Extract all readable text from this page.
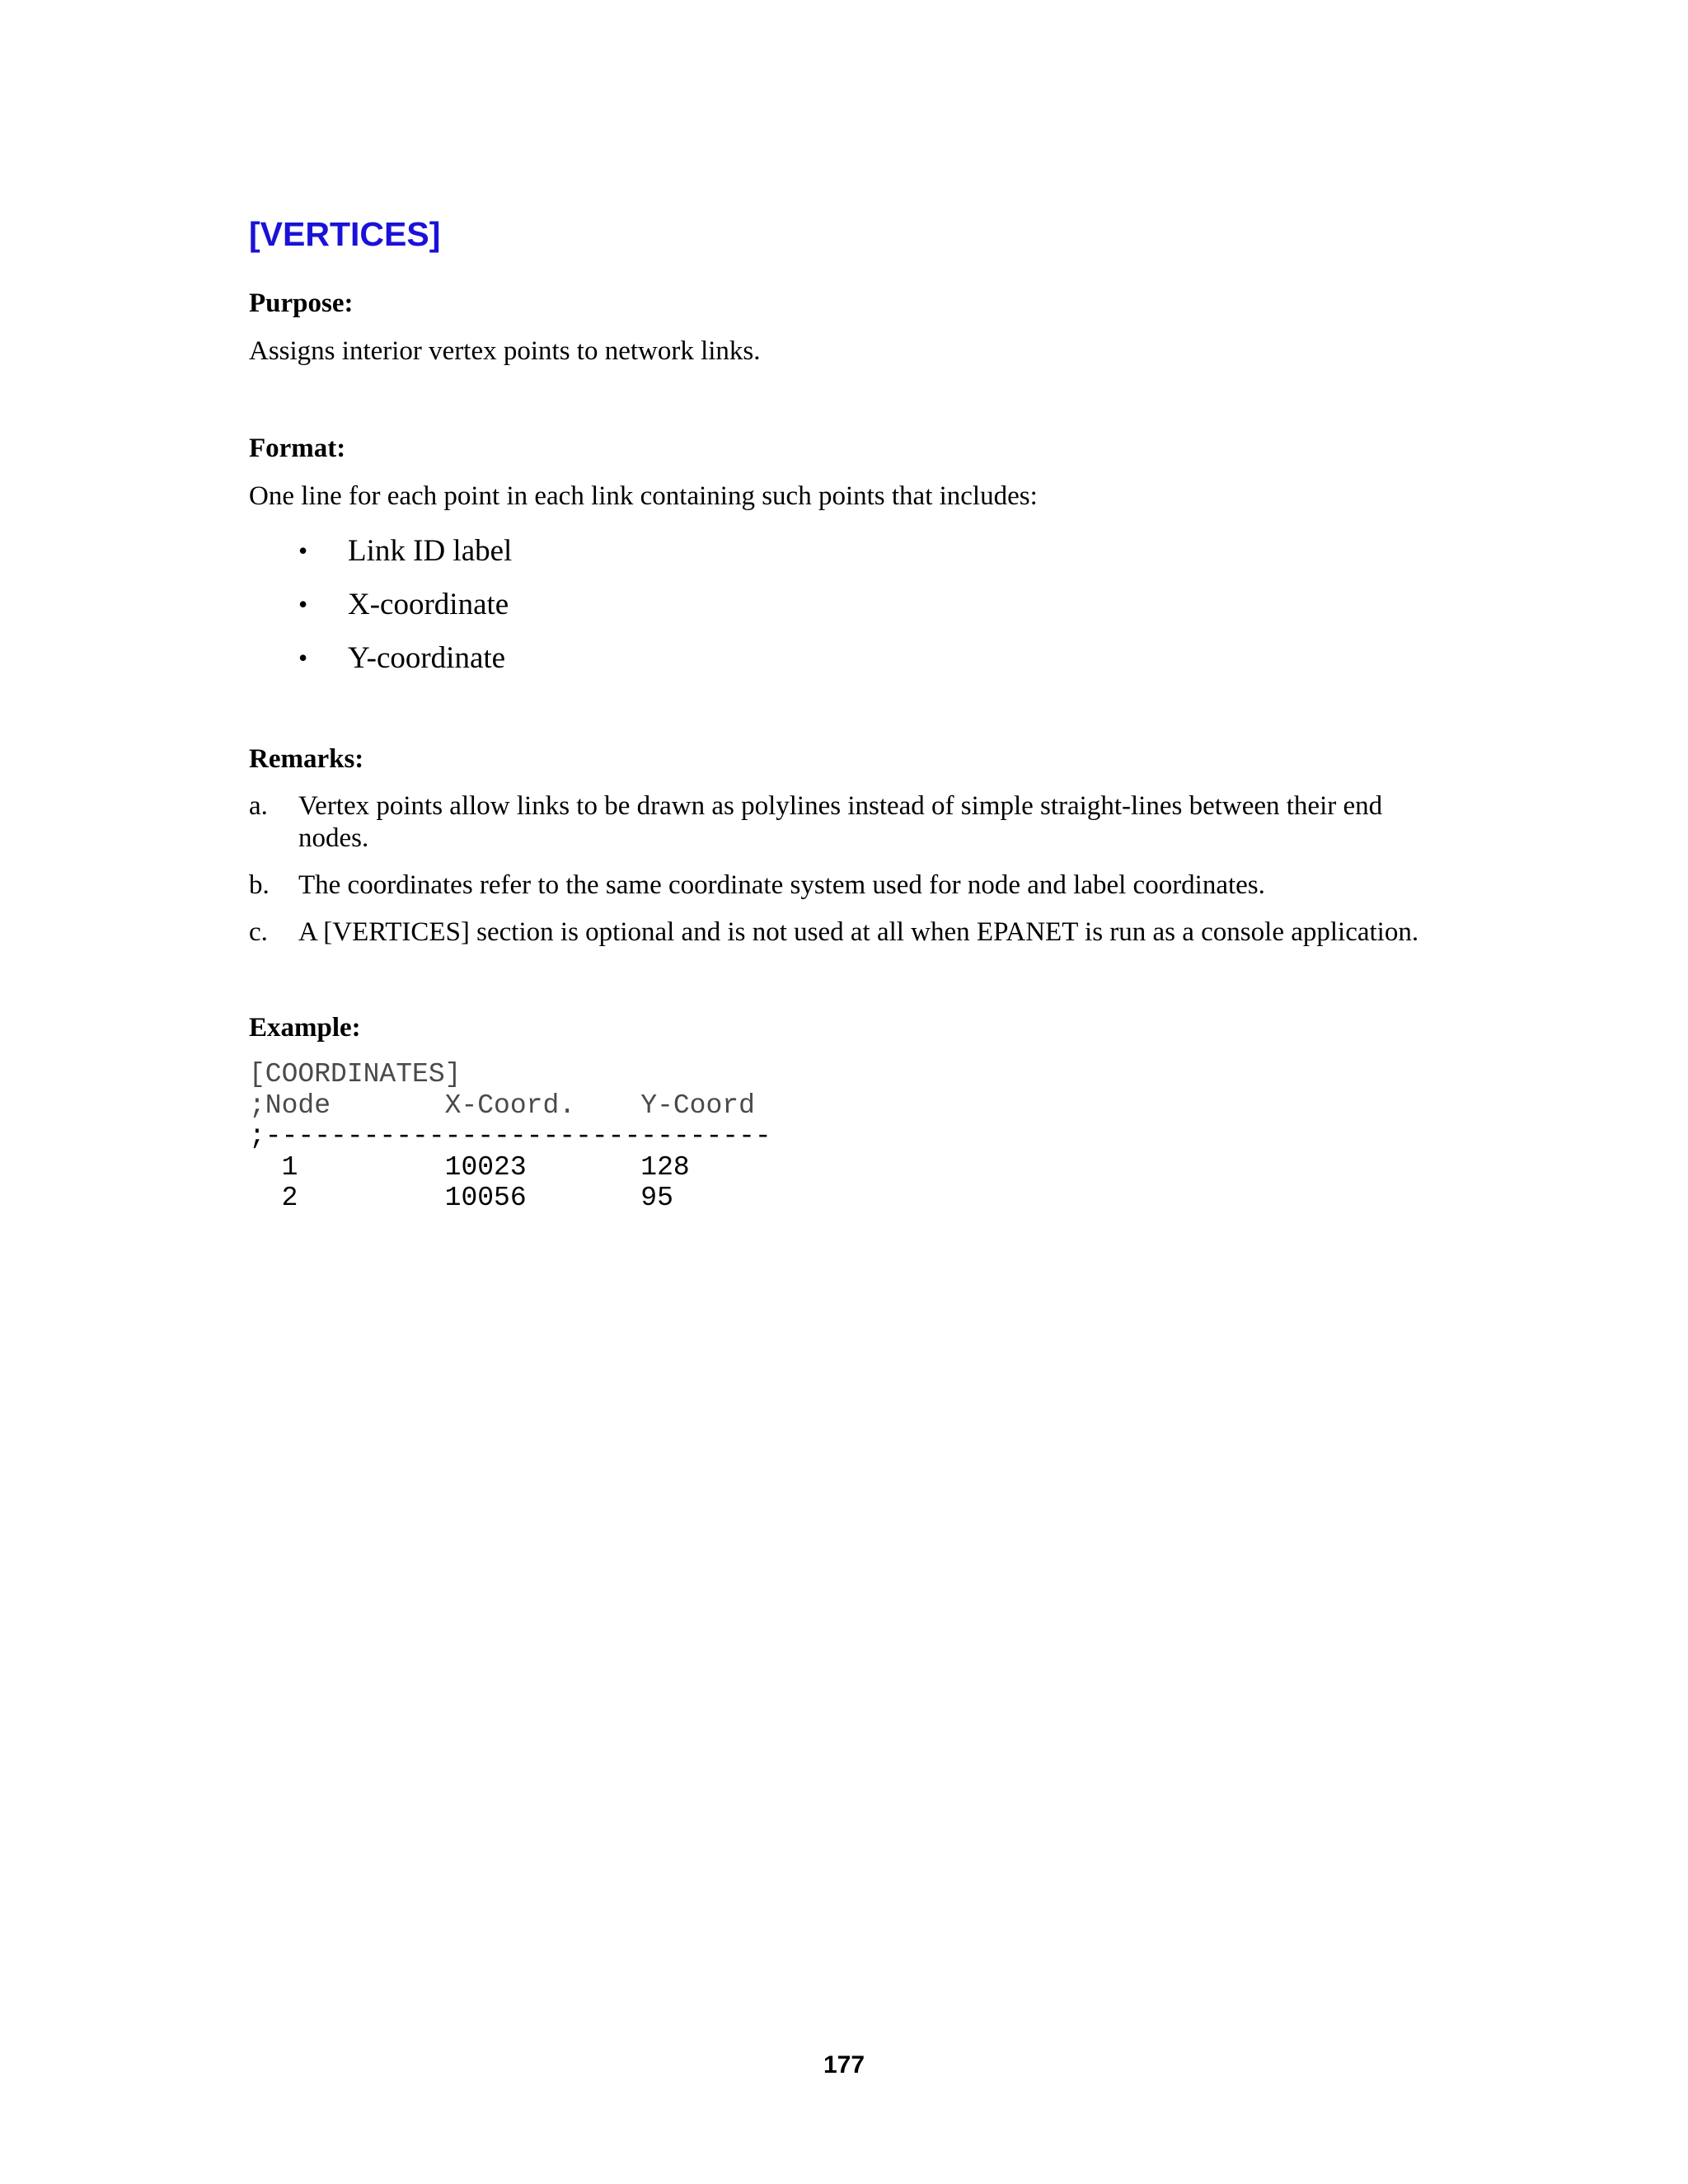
[VERTICES]
Purpose:

Assigns interior vertex points to network links.

Format:

One line for each point in each link containing such points that includes:

• Link ID label
• X-coordinate
• Y-coordinate
Remarks:
a. Vertex points allow links to be drawn as polylines instead of simple straight-lines between their end nodes.
b. The coordinates refer to the same coordinate system used for node and label coordinates.
c. A [VERTICES] section is optional and is not used at all when EPANET is run as a console application.
Example:
[COORDINATES]
;Node       X-Coord.    Y-Coord
;-------------------------------
1         10023       128
2         10056       95
177
